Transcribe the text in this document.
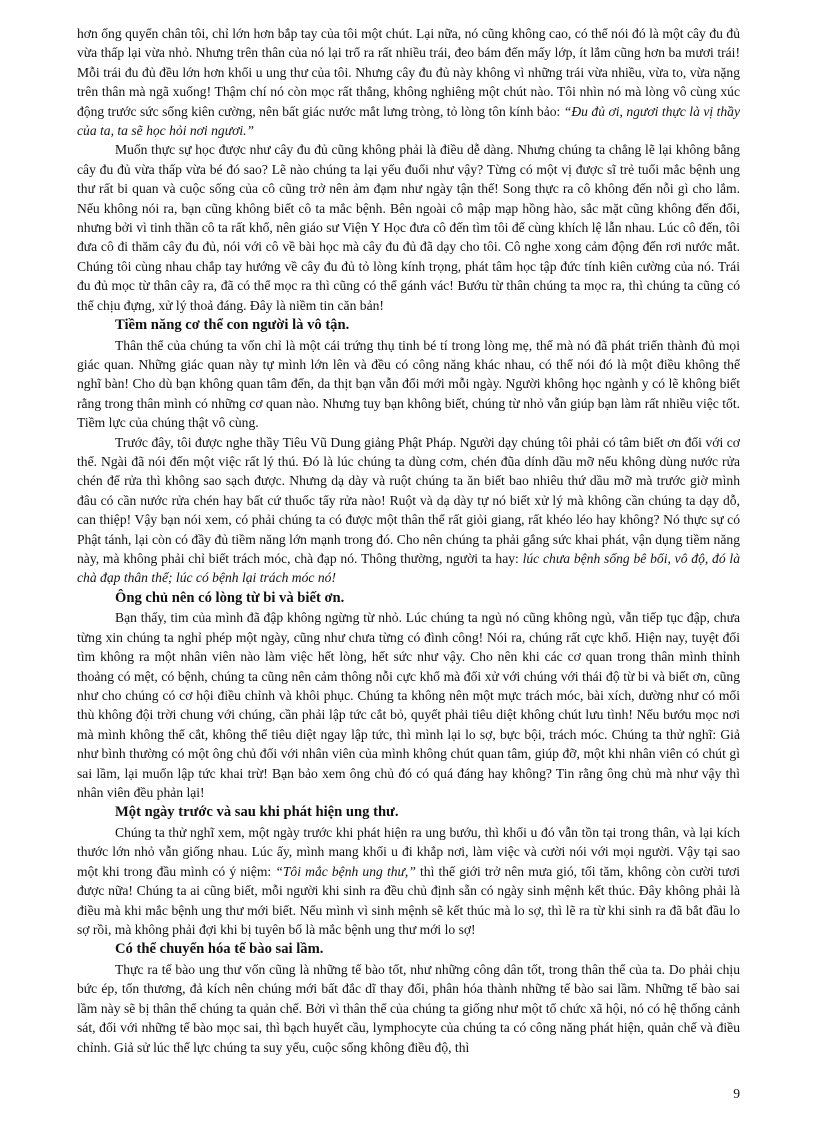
hơn ống quyển chân tôi, chỉ lớn hơn bắp tay của tôi một chút. Lại nữa, nó cũng không cao, có thể nói đó là một cây đu đủ vừa thấp lại vừa nhỏ. Nhưng trên thân của nó lại trổ ra rất nhiều trái, đeo bám đến mấy lớp, ít lắm cũng hơn ba mươi trái! Mỗi trái đu đủ đều lớn hơn khối u ung thư của tôi. Nhưng cây đu đủ này không vì những trái vừa nhiều, vừa to, vừa nặng trên thân mà ngã xuống! Thậm chí nó còn mọc rất thẳng, không nghiêng một chút nào. Tôi nhìn nó mà lòng vô cùng xúc động trước sức sống kiên cường, nên bất giác nước mắt lưng tròng, tỏ lòng tôn kính bảo: “Đu đủ ơi, ngươi thực là vị thầy của ta, ta sẽ học hỏi nơi ngươi.”

Muốn thực sự học được như cây đu đủ cũng không phải là điều dễ dàng. Nhưng chúng ta chẳng lẽ lại không bằng cây đu đủ vừa thấp vừa bé đó sao? Lẽ nào chúng ta lại yếu đuối như vậy? Từng có một vị được sĩ trẻ tuổi mắc bệnh ung thư rất bi quan và cuộc sống của cô cũng trở nên ảm đạm như ngày tận thế! Song thực ra cô không đến nỗi gì cho lắm. Nếu không nói ra, bạn cũng không biết cô ta mắc bệnh. Bên ngoài cô mập mạp hồng hào, sắc mặt cũng không đến đổi, nhưng bởi vì tinh thần cô ta rất khổ, nên giáo sư Viện Y Học đưa cô đến tìm tôi để cùng khích lệ lẫn nhau. Lúc cô đến, tôi đưa cô đi thăm cây đu đủ, nói với cô về bài học mà cây đu đủ đã dạy cho tôi. Cô nghe xong cảm động đến rơi nước mắt. Chúng tôi cùng nhau chắp tay hướng về cây đu đủ tỏ lòng kính trọng, phát tâm học tập đức tính kiên cường của nó. Trái đu đủ mọc từ thân cây ra, đã có thể mọc ra thì cũng có thể gánh vác! Bướu từ thân chúng ta mọc ra, thì chúng ta cũng có thể chịu đựng, xử lý thoả đáng. Đây là niềm tin căn bản!

Tiềm năng cơ thể con người là vô tận.

Thân thể của chúng ta vốn chỉ là một cái trứng thụ tinh bé tí trong lòng mẹ, thế mà nó đã phát triển thành đủ mọi giác quan. Những giác quan này tự mình lớn lên và đều có công năng khác nhau, có thể nói đó là một điều không thể nghĩ bàn! Cho dù bạn không quan tâm đến, da thịt bạn vẫn đổi mới mỗi ngày. Người không học ngành y có lẽ không biết rằng trong thân mình có những cơ quan nào. Nhưng tuy bạn không biết, chúng từ nhỏ vẫn giúp bạn làm rất nhiều việc tốt. Tiềm lực của chúng thật vô cùng.

Trước đây, tôi được nghe thầy Tiêu Vũ Dung giảng Phật Pháp. Người dạy chúng tôi phải có tâm biết ơn đối với cơ thể. Ngài đã nói đến một việc rất lý thú. Đó là lúc chúng ta dùng cơm, chén đũa dính dầu mỡ nếu không dùng nước rửa chén để rửa thì không sao sạch được. Nhưng dạ dày và ruột chúng ta ăn biết bao nhiêu thứ dầu mỡ mà trước giờ mình đâu có cần nước rửa chén hay bất cứ thuốc tẩy rửa nào! Ruột và dạ dày tự nó biết xử lý mà không cần chúng ta dạy dỗ, can thiệp! Vậy bạn nói xem, có phải chúng ta có được một thân thể rất giỏi giang, rất khéo léo hay không? Nó thực sự có Phật tánh, lại còn có đầy đủ tiềm năng lớn mạnh trong đó. Cho nên chúng ta phải gắng sức khai phát, vận dụng tiềm năng này, mà không phải chỉ biết trách móc, chà đạp nó. Thông thường, người ta hay: lúc chưa bệnh sống bê bối, vô độ, đó là chà đạp thân thể; lúc có bệnh lại trách móc nó!

Ông chủ nên có lòng từ bi và biết ơn.

Bạn thấy, tim của mình đã đập không ngừng từ nhỏ. Lúc chúng ta ngủ nó cũng không ngủ, vẫn tiếp tục đập, chưa từng xin chúng ta nghỉ phép một ngày, cũng như chưa từng có đình công! Nói ra, chúng rất cực khổ. Hiện nay, tuyệt đối tìm không ra một nhân viên nào làm việc hết lòng, hết sức như vậy. Cho nên khi các cơ quan trong thân mình thỉnh thoảng có mệt, có bệnh, chúng ta cũng nên cảm thông nỗi cực khổ mà đối xử với chúng với thái độ từ bi và biết ơn, cũng như cho chúng có cơ hội điều chỉnh và khôi phục. Chúng ta không nên một mực trách móc, bài xích, dường như có mối thù không đội trời chung với chúng, cần phải lập tức cắt bỏ, quyết phải tiêu diệt không chút lưu tình! Nếu bướu mọc nơi mà mình không thể cắt, không thể tiêu diệt ngay lập tức, thì mình lại lo sợ, bực bội, trách móc. Chúng ta thử nghĩ: Giả như bình thường có một ông chủ đối với nhân viên của mình không chút quan tâm, giúp đỡ, một khi nhân viên có chút gì sai lầm, lại muốn lập tức khai trừ! Bạn bảo xem ông chủ đó có quá đáng hay không? Tin rằng ông chủ mà như vậy thì nhân viên đều phản lại!

Một ngày trước và sau khi phát hiện ung thư.

Chúng ta thử nghĩ xem, một ngày trước khi phát hiện ra ung bướu, thì khối u đó vẫn tồn tại trong thân, và lại kích thước lớn nhỏ vẫn giống nhau. Lúc ấy, mình mang khối u đi khắp nơi, làm việc và cười nói với mọi người. Vậy tại sao một khi trong đầu mình có ý niệm: “Tôi mắc bệnh ung thư,” thì thế giới trở nên mưa gió, tối tăm, không còn cười tươi được nữa! Chúng ta ai cũng biết, mỗi người khi sinh ra đều chủ định sẵn có ngày sinh mệnh kết thúc. Đây không phải là điều mà khi mắc bệnh ung thư mới biết. Nếu mình vì sinh mệnh sẽ kết thúc mà lo sợ, thì lẽ ra từ khi sinh ra đã bắt đầu lo sợ rồi, mà không phải đợi khi bị tuyên bố là mắc bệnh ung thư mới lo sợ!

Có thể chuyển hóa tế bào sai lầm.

Thực ra tế bào ung thư vốn cũng là những tế bào tốt, như những công dân tốt, trong thân thể của ta. Do phải chịu bức ép, tổn thương, đả kích nên chúng mới bất đắc dĩ thay đổi, phân hóa thành những tế bào sai lầm. Những tế bào sai lầm này sẽ bị thân thể chúng ta quản chế. Bởi vì thân thể của chúng ta giống như một tổ chức xã hội, nó có hệ thống cảnh sát, đối với những tế bào mọc sai, thì bạch huyết cầu, lymphocyte của chúng ta có công năng phát hiện, quản chế và điều chỉnh. Giả sử lúc thể lực chúng ta suy yếu, cuộc sống không điều độ, thì

9
